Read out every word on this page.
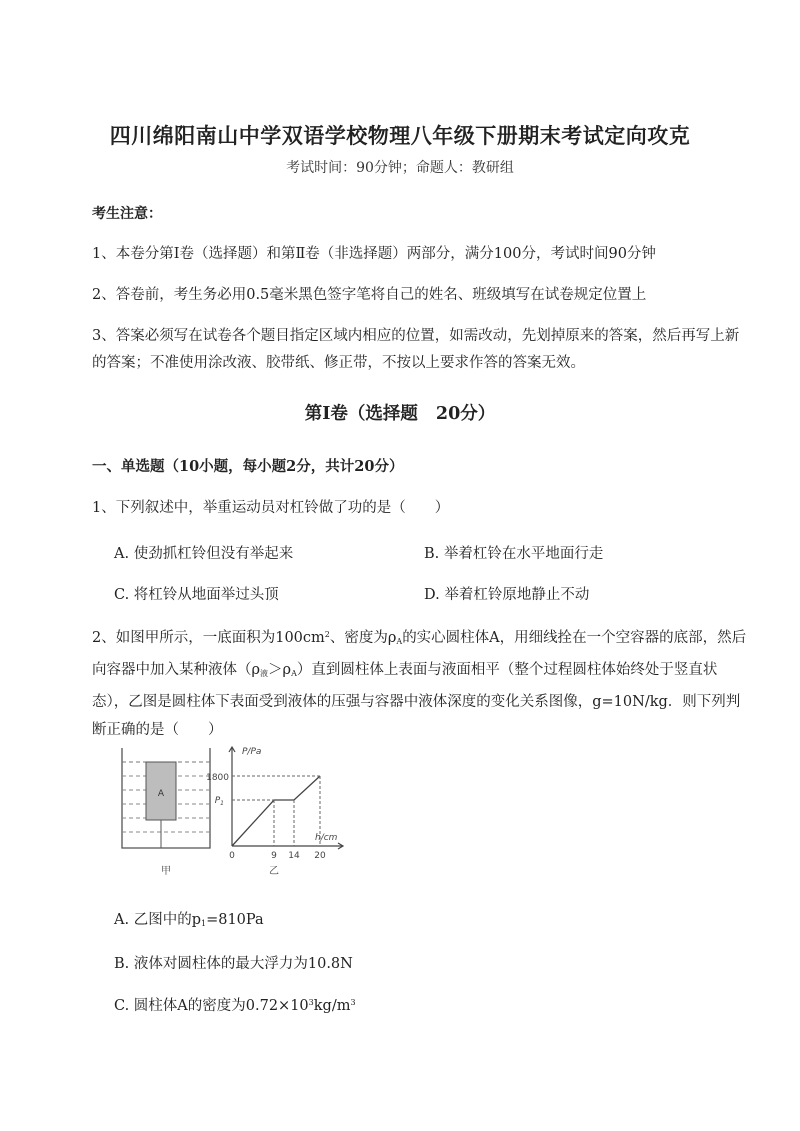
四川绵阳南山中学双语学校物理八年级下册期末考试定向攻克
考试时间：90分钟；命题人：教研组
考生注意：
1、本卷分第I卷（选择题）和第Ⅱ卷（非选择题）两部分，满分100分，考试时间90分钟
2、答卷前，考生务必用0.5毫米黑色签字笔将自己的姓名、班级填写在试卷规定位置上
3、答案必须写在试卷各个题目指定区域内相应的位置，如需改动，先划掉原来的答案，然后再写上新的答案；不准使用涂改液、胶带纸、修正带，不按以上要求作答的答案无效。
第I卷（选择题 20分）
一、单选题（10小题，每小题2分，共计20分）
1、下列叙述中，举重运动员对杠铃做了功的是（　　）
A. 使劲抓杠铃但没有举起来	B. 举着杠铃在水平地面行走
C. 将杠铃从地面举过头顶	D. 举着杠铃原地静止不动
2、如图甲所示，一底面积为$100cm^2$、密度为$\rho_A$的实心圆柱体A，用细线拴在一个空容器的底部，然后向容器中加入某种液体$(\rho_液>\rho_A)$直到圆柱体上表面与液面相平（整个过程圆柱体始终处于竖直状态），乙图是圆柱体下表面受到液体的压强与容器中液体深度的变化关系图像，g=10N/kg．则下列判断正确的是（　　）
A
甲
P/Pa
h/cm
1800
$P_1$
0	9 14 20
乙
A. 乙图中的$p_1=810Pa$
B. 液体对圆柱体的最大浮力为10.8N
C. 圆柱体A的密度为$0.72\times 10^3kg/m^3$
